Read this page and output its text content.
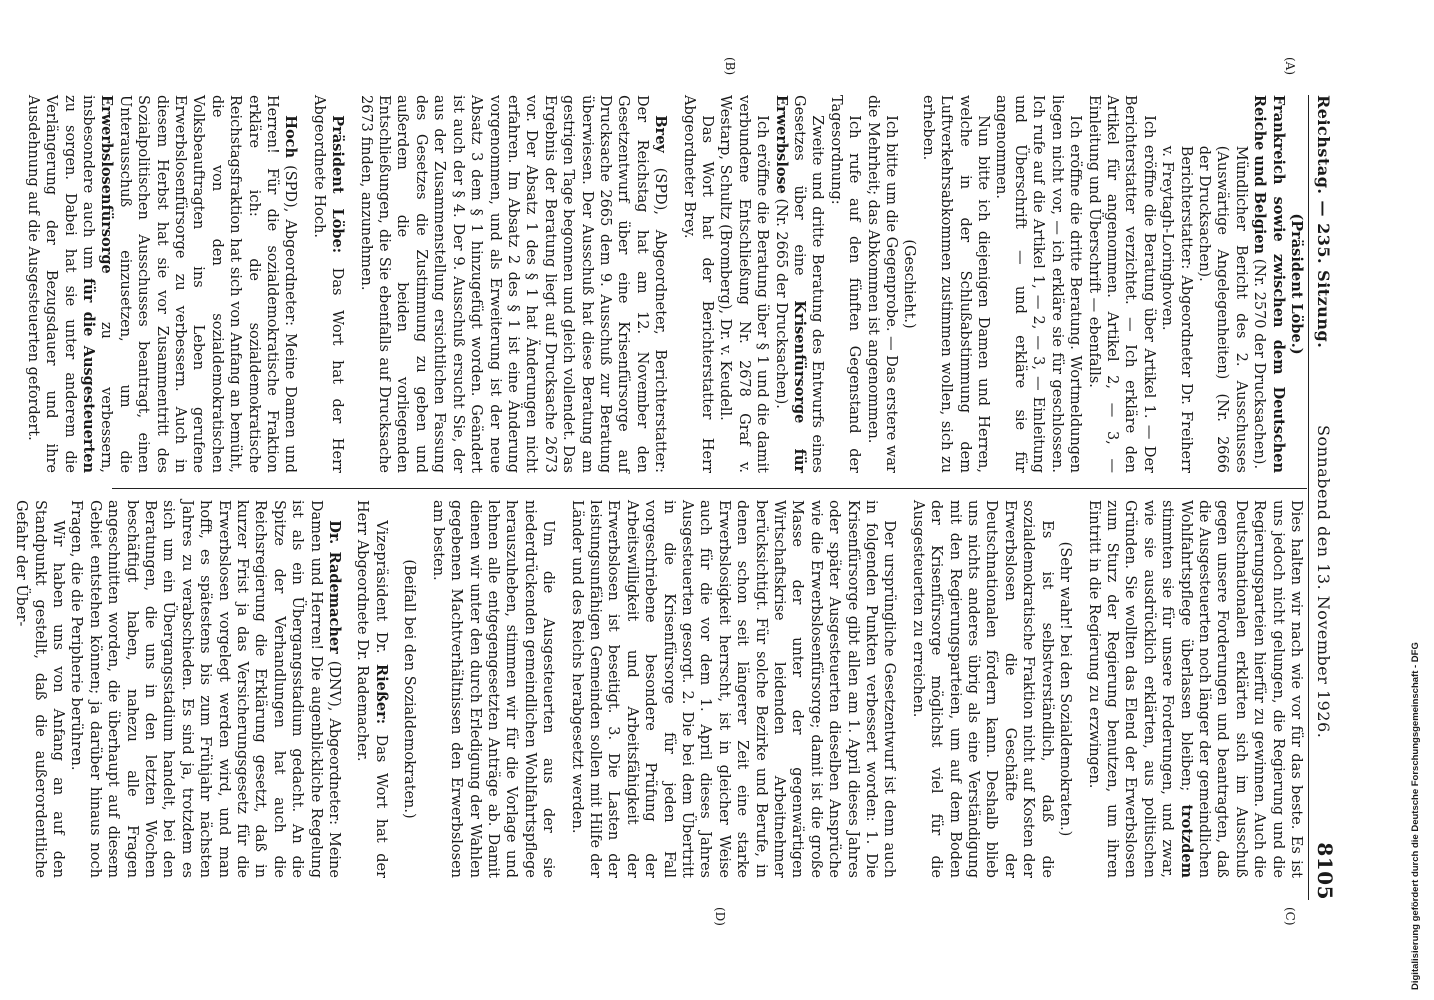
Reichstag. — 235. Sitzung.
Sonnabend den 13. November 1926.
8105
(A)
(B)
(C)
(D)

(Präsident Löbe.)

Frankreich sowie zwischen dem Deutschen Reiche und Belgien (Nr. 2570 der Drucksachen).

Mündlicher Bericht des 2. Ausschusses (Auswärtige Angelegenheiten) (Nr. 2666 der Drucksachen).

Berichterstatter: Abgeordneter Dr. Freiherr v. Freytagh-Loringhoven.

Ich eröffne die Beratung über Artikel 1. — Der Berichterstatter verzichtet. — Ich erkläre den Artikel für angenommen. Artikel 2, — 3, — Einleitung und Überschrift — ebenfalls.

Ich eröffne die dritte Beratung. Wortmeldungen liegen nicht vor, — ich erkläre sie für geschlossen. Ich rufe auf die Artikel 1, — 2, — 3, — Einleitung und Überschrift — und erkläre sie für angenommen.

Nun bitte ich diejenigen Damen und Herren, welche in der Schlußabstimmung dem Luftverkehrsabkommen zustimmen wollen, sich zu erheben.

(Geschieht.)

Ich bitte um die Gegenprobe. — Das erstere war die Mehrheit; das Abkommen ist angenommen.

Ich rufe auf den fünften Gegenstand der Tagesordnung:

Zweite und dritte Beratung des Entwurfs eines Gesetzes über eine Krisenfürsorge für Erwerbslose (Nr. 2665 der Drucksachen).

Ich eröffne die Beratung über § 1 und die damit verbundene Entschließung Nr. 2678 Graf v. Westarp, Schultz (Bromberg), Dr. v. Keudell.

Das Wort hat der Berichterstatter Herr Abgeordneter Brey.

Brey (SPD), Abgeordneter, Berichterstatter: Der Reichstag hat am 12. November den Gesetzentwurf über eine Krisenfürsorge auf Drucksache 2665 dem 9. Ausschuß zur Beratung überwiesen. Der Ausschuß hat diese Beratung am gestrigen Tage begonnen und gleich vollendet. Das Ergebnis der Beratung liegt auf Drucksache 2673 vor. Der Absatz 1 des § 1 hat Änderungen nicht erfahren. Im Absatz 2 des § 1 ist eine Änderung vorgenommen, und als Erweiterung ist der neue Absatz 3 dem § 1 hinzugefügt worden. Geändert ist auch der § 4. Der 9. Ausschuß ersucht Sie, der aus der Zusammenstellung ersichtlichen Fassung des Gesetzes die Zustimmung zu geben und außerdem die beiden vorliegenden Entschließungen, die Sie ebenfalls auf Drucksache 2673 finden, anzunehmen.

Präsident Löbe: Das Wort hat der Herr Abgeordnete Hoch.

Hoch (SPD), Abgeordneter: Meine Damen und Herren! Für die sozialdemokratische Fraktion erkläre ich: die sozialdemokratische Reichstagsfraktion hat sich von Anfang an bemüht, die von den sozialdemokratischen Volksbeauftragten ins Leben gerufene Erwerbslosenfürsorge zu verbessern. Auch in diesem Herbst hat sie vor Zusammentritt des Sozialpolitischen Ausschusses beantragt, einen Unterausschuß einzusetzen, um die Erwerbslosenfürsorge zu verbessern, insbesondere auch um für die Ausgesteuerten zu sorgen. Dabei hat sie unter anderem die Verlängerung der Bezugsdauer und ihre Ausdehnung auf die Ausgesteuerten gefordert.

Dies halten wir nach wie vor für das beste. Es ist uns jedoch nicht gelungen, die Regierung und die Regierungsparteien hierfür zu gewinnen. Auch die Deutschnationalen erklärten sich im Ausschuß gegen unsere Forderungen und beantragten, daß die Ausgesteuerten noch länger der gemeindlichen Wohlfahrtspflege überlassen bleiben; trotzdem stimmten sie für unsere Forderungen, und zwar, wie sie ausdrücklich erklärten, aus politischen Gründen. Sie wollten das Elend der Erwerbslosen zum Sturz der Regierung benutzen, um ihren Eintritt in die Regierung zu erzwingen.

(Sehr wahr! bei den Sozialdemokraten.)

Es ist selbstverständlich, daß die sozialdemokratische Fraktion nicht auf Kosten der Erwerbslosen die Geschäfte der Deutschnationalen fördern kann. Deshalb blieb uns nichts anderes übrig als eine Verständigung mit den Regierungsparteien, um auf dem Boden der Krisenfürsorge möglichst viel für die Ausgesteuerten zu erreichen.

Der ursprüngliche Gesetzentwurf ist denn auch in folgenden Punkten verbessert worden: 1. Die Krisenfürsorge gibt allen am 1. April dieses Jahres oder später Ausgesteuerten dieselben Ansprüche wie die Erwerbslosenfürsorge; damit ist die große Masse der unter der gegenwärtigen Wirtschaftskrise leidenden Arbeitnehmer berücksichtigt. Für solche Bezirke und Berufe, in denen schon seit längerer Zeit eine starke Erwerbslosigkeit herrscht, ist in gleicher Weise auch für die vor dem 1. April dieses Jahres Ausgesteuerten gesorgt. 2. Die bei dem Übertritt in die Krisenfürsorge für jeden Fall vorgeschriebene besondere Prüfung der Arbeitswilligkeit und Arbeitsfähigkeit der Erwerbslosen ist beseitigt. 3. Die Lasten der leistungsunfähigen Gemeinden sollen mit Hilfe der Länder und des Reichs herabgesetzt werden.

Um die Ausgesteuerten aus der sie niederdrückenden gemeindlichen Wohlfahrtspflege herauszuheben, stimmen wir für die Vorlage und lehnen alle entgegengesetzten Anträge ab. Damit dienen wir unter den durch Erledigung der Wahlen gegebenen Machtverhältnissen den Erwerbslosen am besten.

(Beifall bei den Sozialdemokraten.)

Vizepräsident Dr. Rießer: Das Wort hat der Herr Abgeordnete Dr. Rademacher.

Dr. Rademacher (DNV), Abgeordneter: Meine Damen und Herren! Die augenblickliche Regelung ist als ein Übergangsstadium gedacht. An die Spitze der Verhandlungen hat auch die Reichsregierung die Erklärung gesetzt, daß in kurzer Frist ja das Versicherungsgesetz für die Erwerbslosen vorgelegt werden wird, und man hofft, es spätestens bis zum Frühjahr nächsten Jahres zu verabschieden. Es sind ja, trotzdem es sich um ein Übergangsstadium handelt, bei den Beratungen, die uns in den letzten Wochen beschäftigt haben, nahezu alle Fragen angeschnitten worden, die überhaupt auf diesem Gebiet entstehen können; ja darüber hinaus noch Fragen, die die Peripherie berühren.

Wir haben uns von Anfang an auf den Standpunkt gestellt, daß die außerordentliche Gefahr der Über-

Digitalisierung gefördert durch die Deutsche Forschungsgemeinschaft - DFG
